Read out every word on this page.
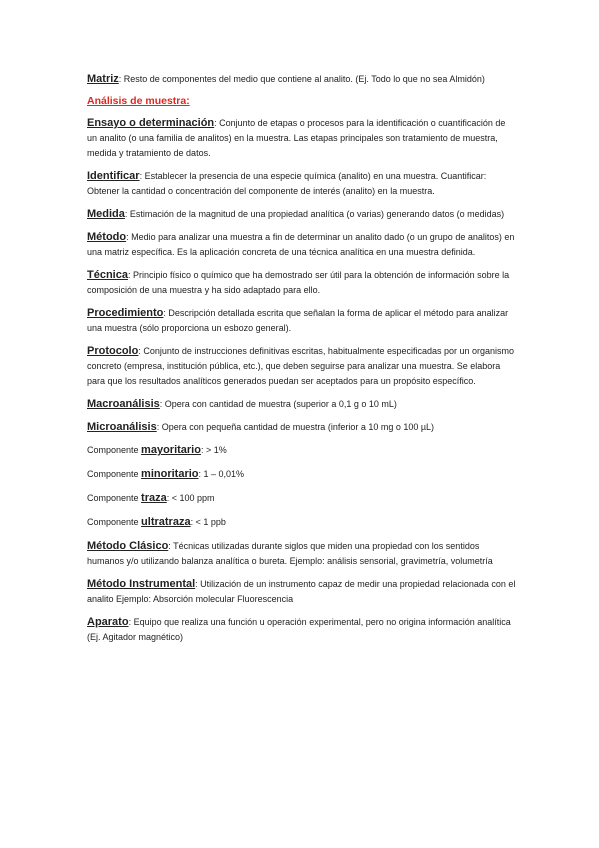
Matriz: Resto de componentes del medio que contiene al analito. (Ej. Todo lo que no sea Almidón)

Análisis de muestra:

Ensayo o determinación: Conjunto de etapas o procesos para la identificación o cuantificación de un analito (o una familia de analitos) en la muestra. Las etapas principales son tratamiento de muestra, medida y tratamiento de datos.

Identificar: Establecer la presencia de una especie química (analito) en una muestra. Cuantificar: Obtener la cantidad o concentración del componente de interés (analito) en la muestra.

Medida: Estimación de la magnitud de una propiedad analítica (o varias) generando datos (o medidas)

Método: Medio para analizar una muestra a fin de determinar un analito dado (o un grupo de analitos) en una matriz específica. Es la aplicación concreta de una técnica analítica en una muestra definida.

Técnica: Principio físico o químico que ha demostrado ser útil para la obtención de información sobre la composición de una muestra y ha sido adaptado para ello.

Procedimiento: Descripción detallada escrita que señalan la forma de aplicar el método para analizar una muestra (sólo proporciona un esbozo general).

Protocolo: Conjunto de instrucciones definitivas escritas, habitualmente especificadas por un organismo concreto (empresa, institución pública, etc.), que deben seguirse para analizar una muestra. Se elabora para que los resultados analíticos generados puedan ser aceptados para un propósito específico.

Macroanálisis: Opera con cantidad de muestra (superior a 0,1 g o 10 mL)

Microanálisis: Opera con pequeña cantidad de muestra (inferior a 10 mg o 100 µL)

Componente mayoritario: > 1%

Componente minoritario: 1 – 0,01%

Componente traza: < 100 ppm

Componente ultratraza: < 1 ppb

Método Clásico: Técnicas utilizadas durante siglos que miden una propiedad con los sentidos humanos y/o utilizando balanza analítica o bureta. Ejemplo: análisis sensorial, gravimetría, volumetría

Método Instrumental: Utilización de un instrumento capaz de medir una propiedad relacionada con el analito Ejemplo: Absorción molecular Fluorescencia

Aparato: Equipo que realiza una función u operación experimental, pero no origina información analítica (Ej. Agitador magnético)
